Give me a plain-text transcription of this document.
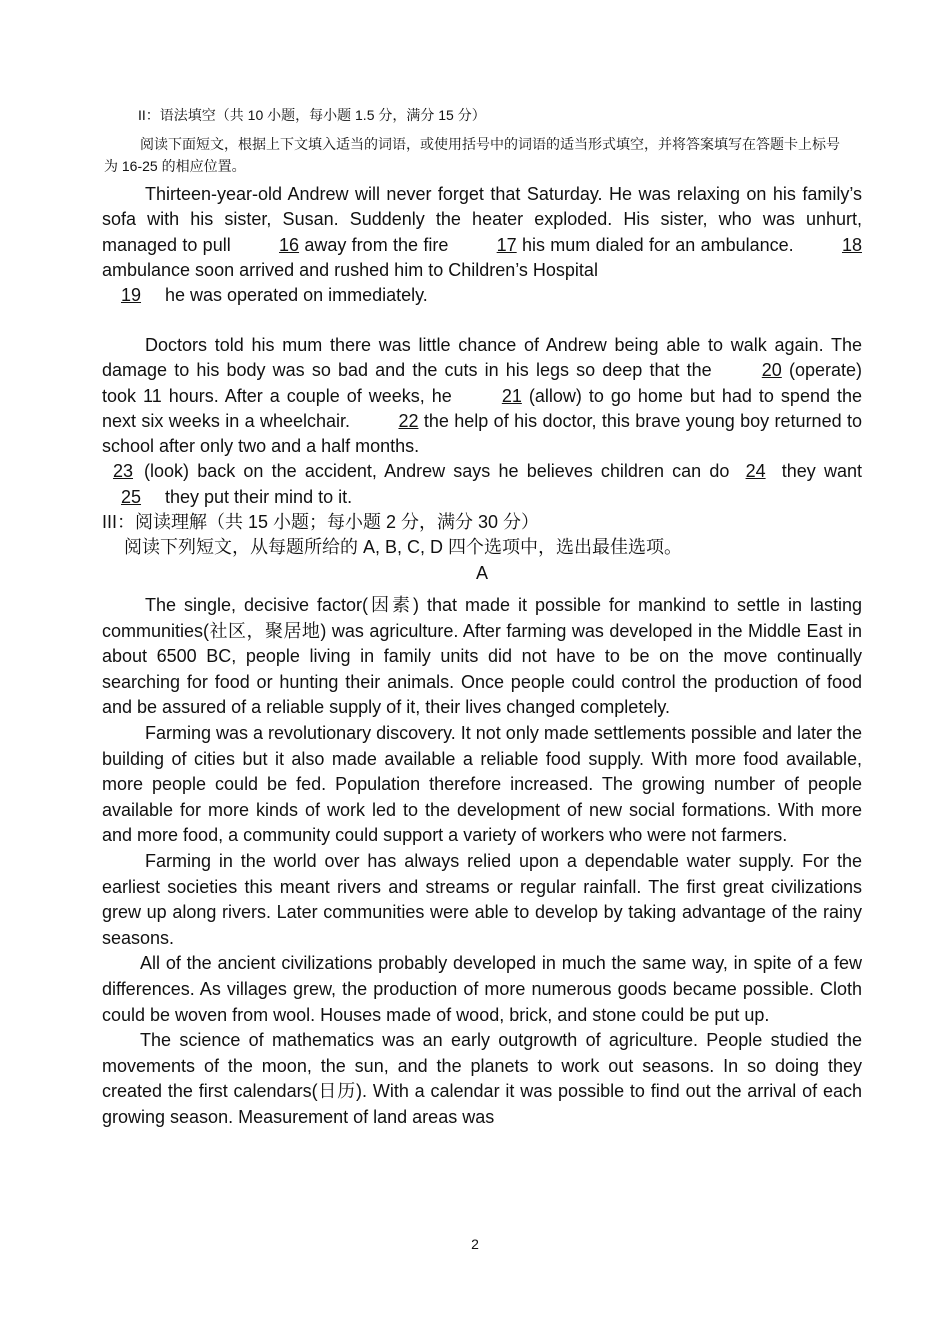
II：语法填空（共 10 小题，每小题 1.5 分，满分 15 分）
阅读下面短文，根据上下文填入适当的词语，或使用括号中的词语的适当形式填空，并将答案填写在答题卡上标号为 16-25 的相应位置。

Thirteen-year-old Andrew will never forget that Saturday. He was relaxing on his family’s sofa with his sister, Susan. Suddenly the heater exploded. His sister, who was unhurt, managed to pull 16 away from the fire 17 his mum dialed for an ambulance. 18 ambulance soon arrived and rushed him to Children’s Hospital

19 he was operated on immediately.

Doctors told his mum there was little chance of Andrew being able to walk again. The damage to his body was so bad and the cuts in his legs so deep that the 20 (operate) took 11 hours. After a couple of weeks, he 21 (allow) to go home but had to spend the next six weeks in a wheelchair. 22 the help of his doctor, this brave young boy returned to school after only two and a half months.

23 (look) back on the accident, Andrew says he believes children can do 24 they want 25 they put their mind to it.

III：阅读理解（共 15 小题；每小题 2 分，满分 30 分）

阅读下列短文，从每题所给的 A, B, C, D 四个选项中，选出最佳选项。

A

The single, decisive factor(因素) that made it possible for mankind to settle in lasting communities(社区，聚居地) was agriculture. After farming was developed in the Middle East in about 6500 BC, people living in family units did not have to be on the move continually searching for food or hunting their animals. Once people could control the production of food and be assured of a reliable supply of it, their lives changed completely.

Farming was a revolutionary discovery. It not only made settlements possible and later the building of cities but it also made available a reliable food supply. With more food available, more people could be fed. Population therefore increased. The growing number of people available for more kinds of work led to the development of new social formations. With more and more food, a community could support a variety of workers who were not farmers.

Farming in the world over has always relied upon a dependable water supply. For the earliest societies this meant rivers and streams or regular rainfall. The first great civilizations grew up along rivers. Later communities were able to develop by taking advantage of the rainy seasons.

All of the ancient civilizations probably developed in much the same way, in spite of a few differences. As villages grew, the production of more numerous goods became possible. Cloth could be woven from wool. Houses made of wood, brick, and stone could be put up.

The science of mathematics was an early outgrowth of agriculture. People studied the movements of the moon, the sun, and the planets to work out seasons. In so doing they created the first calendars(日历). With a calendar it was possible to find out the arrival of each growing season. Measurement of land areas was

2
